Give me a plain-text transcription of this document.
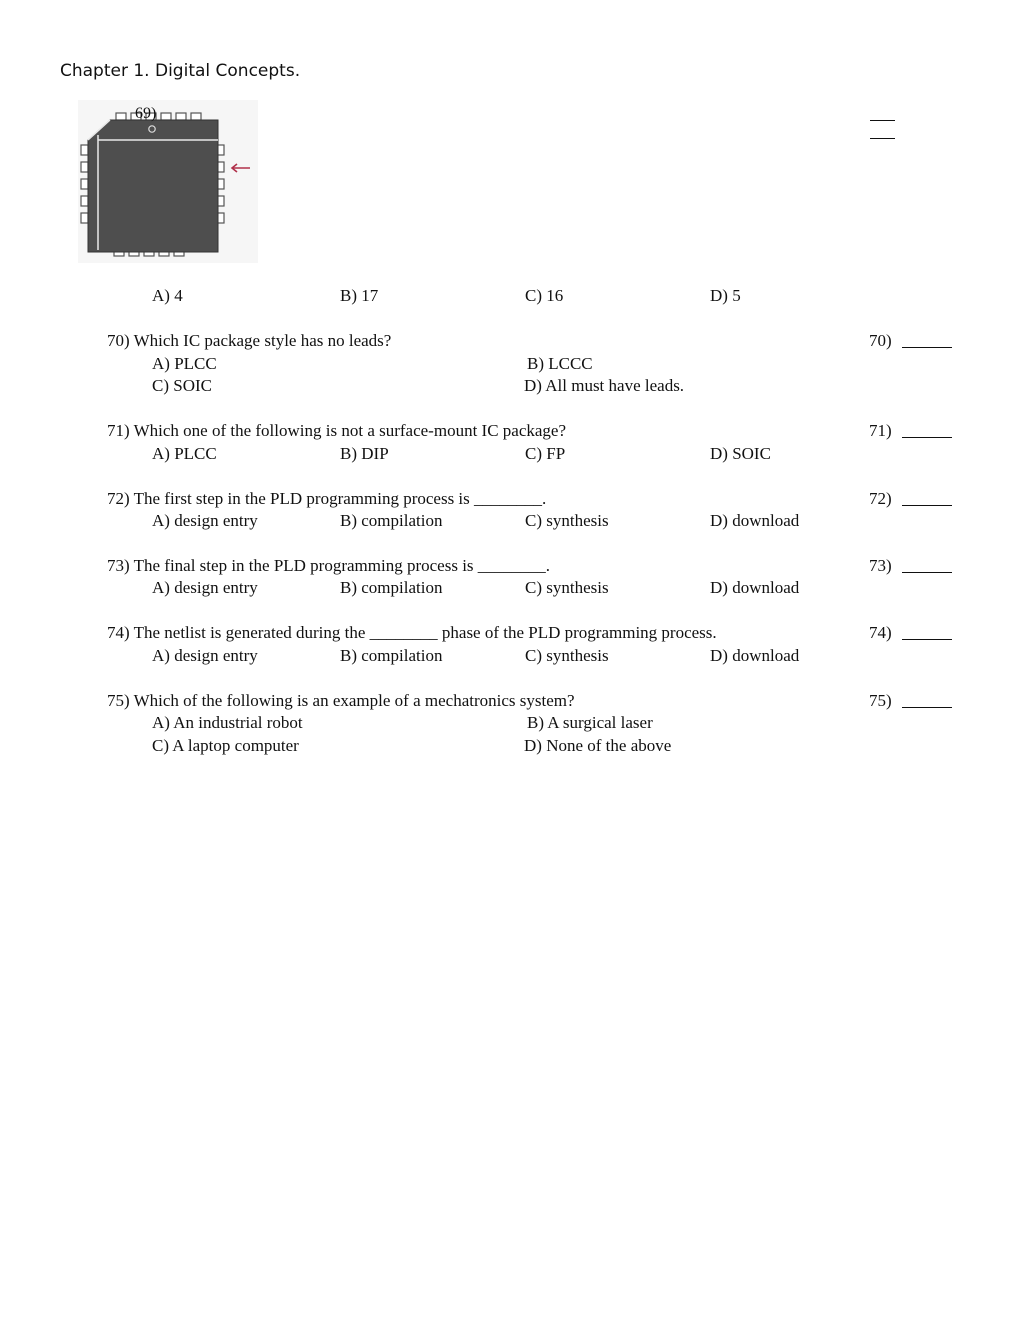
Chapter 1. Digital Concepts.
69)
A) 4	B) 17	C) 16	D) 5
70) Which IC package style has no leads?	70)
A) PLCC	B) LCCC
C) SOIC	D) All must have leads.
71) Which one of the following is not a surface-mount IC package?	71)
A) PLCC	B) DIP	C) FP	D) SOIC
72) The first step in the PLD programming process is ________.	72)
A) design entry	B) compilation	C) synthesis	D) download
73) The final step in the PLD programming process is ________.	73)
A) design entry	B) compilation	C) synthesis	D) download
74) The netlist is generated during the ________ phase of the PLD programming process.	74)
A) design entry	B) compilation	C) synthesis	D) download
75) Which of the following is an example of a mechatronics system?	75)
A) An industrial robot	B) A surgical laser
C) A laptop computer	D) None of the above
